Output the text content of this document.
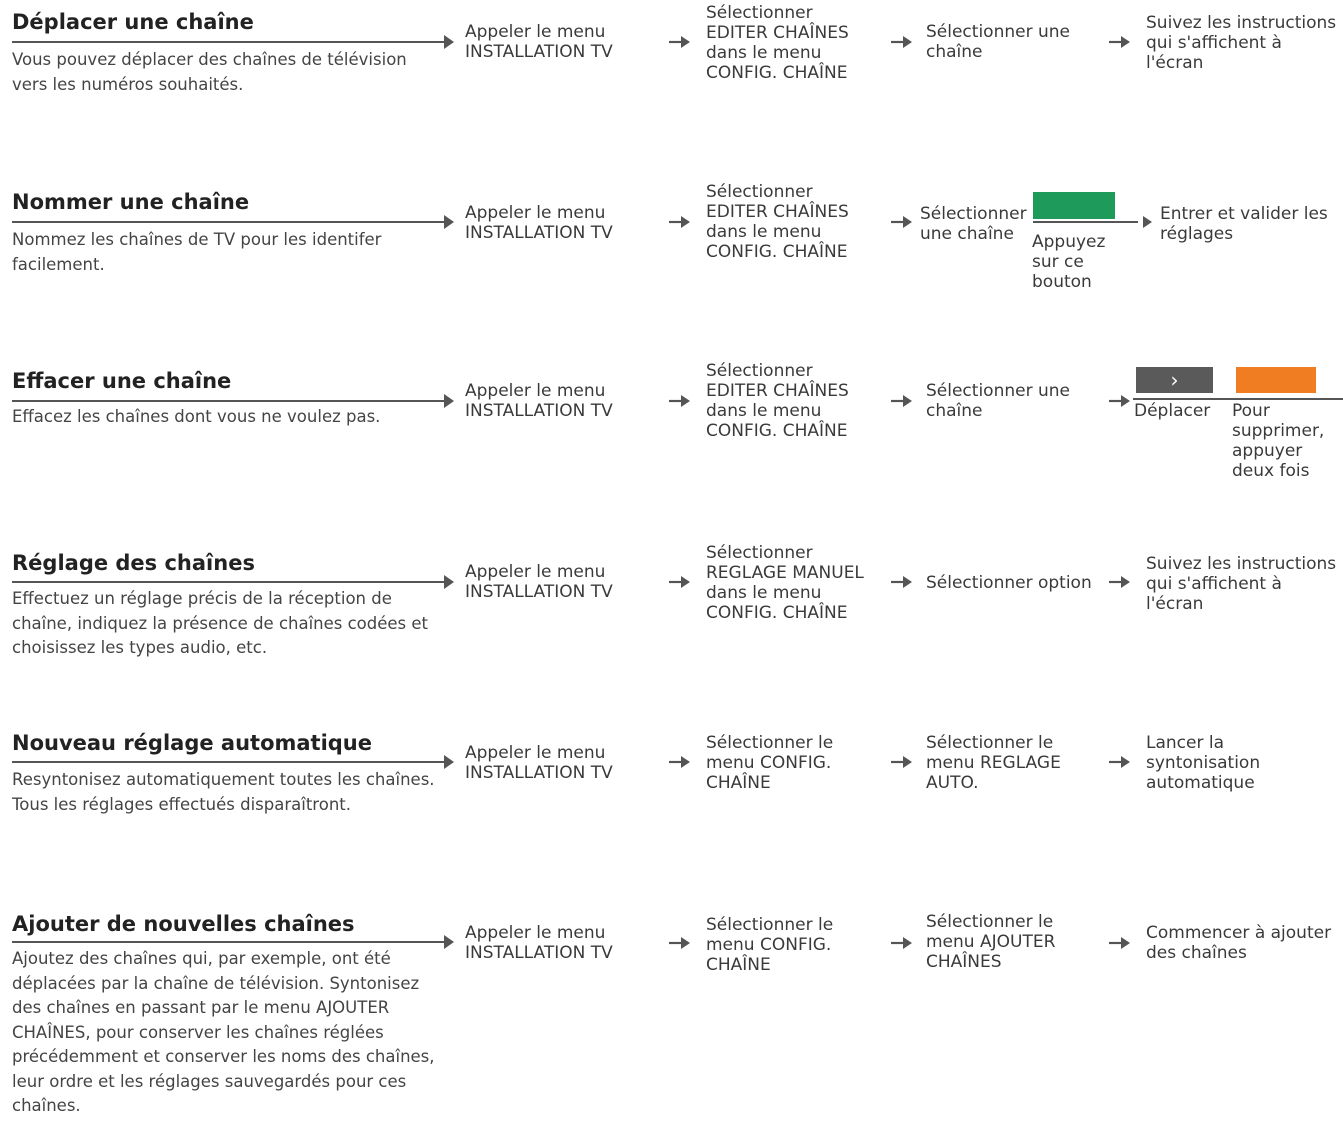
Déplacer une chaîne
Vous pouvez déplacer des chaînes de télévision vers les numéros souhaités.
Appeler le menu INSTALLATION TV
Sélectionner EDITER CHAÎNES dans le menu CONFIG. CHAÎNE
Sélectionner une chaîne
Suivez les instructions qui s'affichent à l'écran
Nommer une chaîne
Nommez les chaînes de TV pour les identifer facilement.
Appeler le menu INSTALLATION TV
Sélectionner EDITER CHAÎNES dans le menu CONFIG. CHAÎNE
Sélectionner une chaîne	Appuyez sur ce bouton
Entrer et valider les réglages
Effacer une chaîne
Effacez les chaînes dont vous ne voulez pas.
Appeler le menu INSTALLATION TV
Sélectionner EDITER CHAÎNES dans le menu CONFIG. CHAÎNE
Sélectionner une chaîne
›
Déplacer	Pour supprimer, appuyer deux fois
Réglage des chaînes
Effectuez un réglage précis de la réception de chaîne, indiquez la présence de chaînes codées et choisissez les types audio, etc.
Appeler le menu INSTALLATION TV
Sélectionner REGLAGE MANUEL dans le menu CONFIG. CHAÎNE
Sélectionner option
Suivez les instructions qui s'affichent à l'écran
Nouveau réglage automatique
Resyntonisez automatiquement toutes les chaînes. Tous les réglages effectués disparaîtront.
Appeler le menu INSTALLATION TV
Sélectionner le menu CONFIG. CHAÎNE
Sélectionner le menu REGLAGE AUTO.
Lancer la syntonisation automatique
Ajouter de nouvelles chaînes
Ajoutez des chaînes qui, par exemple, ont été déplacées par la chaîne de télévision. Syntonisez des chaînes en passant par le menu AJOUTER CHAÎNES, pour conserver les chaînes réglées précédemment et conserver les noms des chaînes, leur ordre et les réglages sauvegardés pour ces chaînes.
Appeler le menu INSTALLATION TV
Sélectionner le menu CONFIG. CHAÎNE
Sélectionner le menu AJOUTER CHAÎNES
Commencer à ajouter des chaînes
